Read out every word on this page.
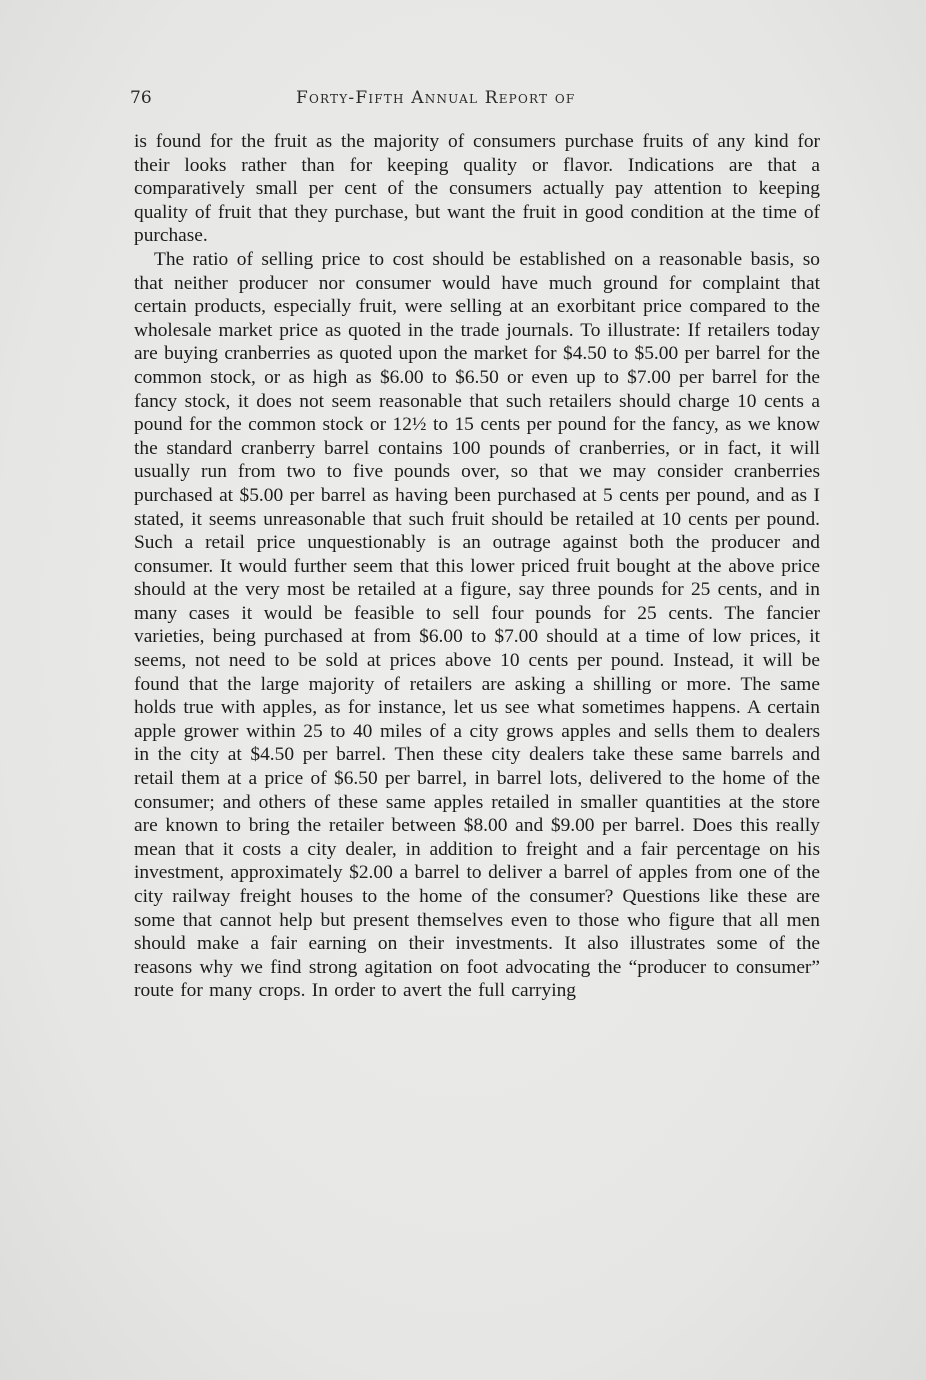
76	Forty-Fifth Annual Report of

is found for the fruit as the majority of consumers purchase fruits of any kind for their looks rather than for keeping quality or flavor. Indications are that a comparatively small per cent of the consumers actually pay attention to keeping quality of fruit that they purchase, but want the fruit in good condition at the time of purchase.

The ratio of selling price to cost should be established on a reasonable basis, so that neither producer nor consumer would have much ground for complaint that certain products, especially fruit, were selling at an exorbitant price compared to the wholesale market price as quoted in the trade journals. To illustrate: If retailers today are buying cranberries as quoted upon the market for $4.50 to $5.00 per barrel for the common stock, or as high as $6.00 to $6.50 or even up to $7.00 per barrel for the fancy stock, it does not seem reasonable that such retailers should charge 10 cents a pound for the common stock or 12½ to 15 cents per pound for the fancy, as we know the standard cranberry barrel contains 100 pounds of cranberries, or in fact, it will usually run from two to five pounds over, so that we may consider cranberries purchased at $5.00 per barrel as having been purchased at 5 cents per pound, and as I stated, it seems unreasonable that such fruit should be retailed at 10 cents per pound. Such a retail price unquestionably is an outrage against both the producer and consumer. It would further seem that this lower priced fruit bought at the above price should at the very most be retailed at a figure, say three pounds for 25 cents, and in many cases it would be feasible to sell four pounds for 25 cents. The fancier varieties, being purchased at from $6.00 to $7.00 should at a time of low prices, it seems, not need to be sold at prices above 10 cents per pound. Instead, it will be found that the large majority of retailers are asking a shilling or more. The same holds true with apples, as for instance, let us see what sometimes happens. A certain apple grower within 25 to 40 miles of a city grows apples and sells them to dealers in the city at $4.50 per barrel. Then these city dealers take these same barrels and retail them at a price of $6.50 per barrel, in barrel lots, delivered to the home of the consumer; and others of these same apples retailed in smaller quantities at the store are known to bring the retailer between $8.00 and $9.00 per barrel. Does this really mean that it costs a city dealer, in addition to freight and a fair percentage on his investment, approximately $2.00 a barrel to deliver a barrel of apples from one of the city railway freight houses to the home of the consumer? Questions like these are some that cannot help but present themselves even to those who figure that all men should make a fair earning on their investments. It also illustrates some of the reasons why we find strong agitation on foot advocating the “producer to consumer” route for many crops. In order to avert the full carrying
